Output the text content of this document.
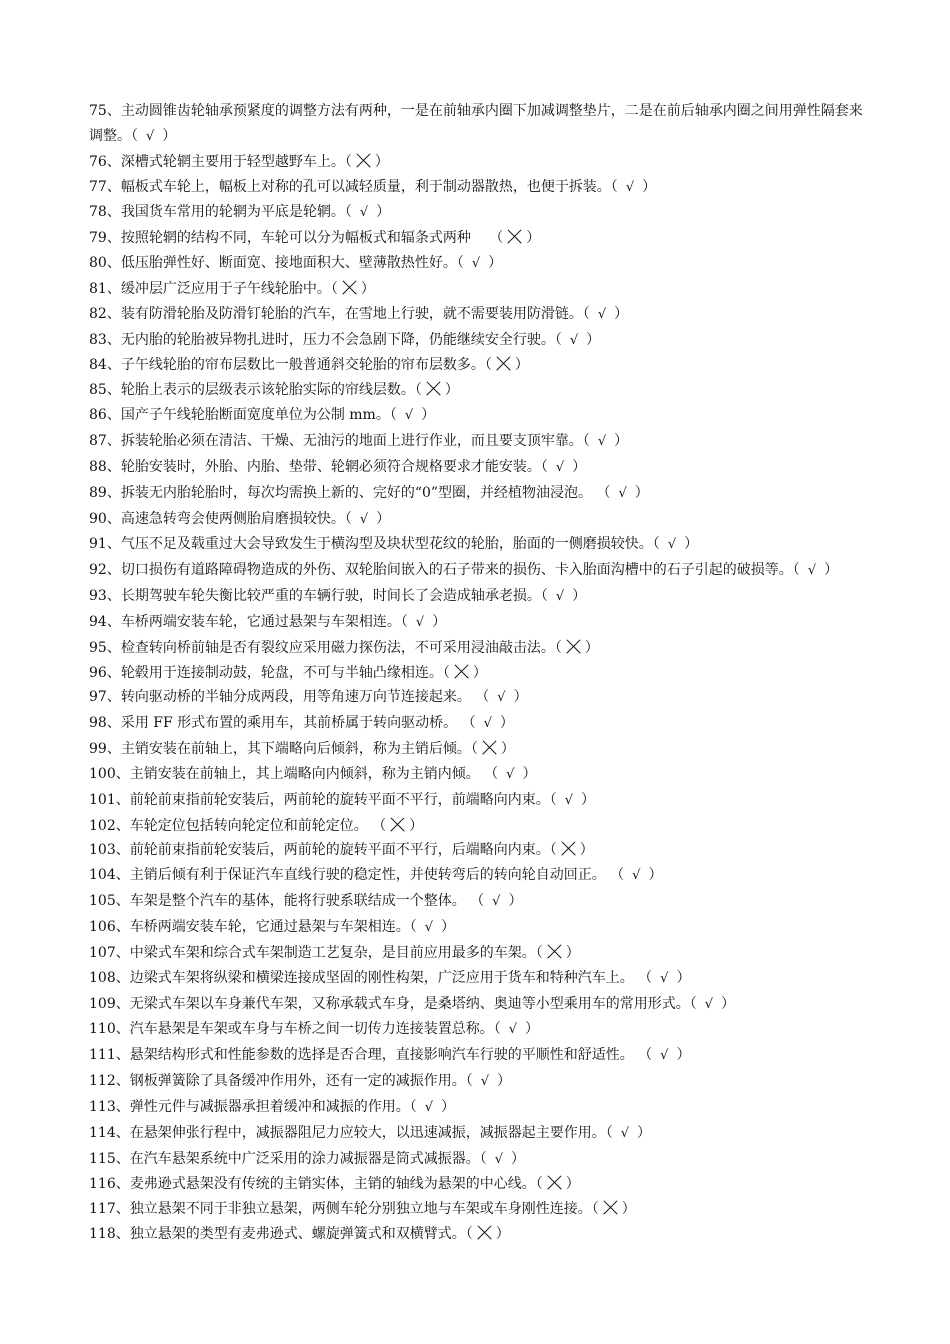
75、主动圆锥齿轮轴承预紧度的调整方法有两种，一是在前轴承内圈下加减调整垫片，二是在前后轴承内圈之间用弹性隔套来调整。（ √ ）
76、深槽式轮辋主要用于轻型越野车上。（ ）
77、幅板式车轮上，幅板上对称的孔可以减轻质量，利于制动器散热，也便于拆装。（ √ ）
78、我国货车常用的轮辋为平底是轮辋。（ √ ）
79、按照轮辋的结构不同，车轮可以分为幅板式和辐条式两种　 （ ）
80、低压胎弹性好、断面宽、接地面积大、壁薄散热性好。（ √ ）
81、缓冲层广泛应用于子午线轮胎中。（ ）
82、装有防滑轮胎及防滑钉轮胎的汽车，在雪地上行驶，就不需要装用防滑链。（ √ ）
83、无内胎的轮胎被异物扎进时，压力不会急剧下降，仍能继续安全行驶。（ √ ）
84、子午线轮胎的帘布层数比一般普通斜交轮胎的帘布层数多。（ ）
85、轮胎上表示的层级表示该轮胎实际的帘线层数。（ ）
86、国产子午线轮胎断面宽度单位为公制 mm。（ √ ）
87、拆装轮胎必须在清洁、干燥、无油污的地面上进行作业，而且要支顶牢靠。（ √ ）
88、轮胎安装时，外胎、内胎、垫带、轮辋必须符合规格要求才能安装。（ √ ）
89、拆装无内胎轮胎时，每次均需换上新的、完好的“0”型圈，并经植物油浸泡。 （ √ ）
90、高速急转弯会使两侧胎肩磨损较快。（ √ ）
91、气压不足及载重过大会导致发生于横沟型及块状型花纹的轮胎，胎面的一侧磨损较快。（ √ ）
92、切口损伤有道路障碍物造成的外伤、双轮胎间嵌入的石子带来的损伤、卡入胎面沟槽中的石子引起的破损等。（ √ ）
93、长期驾驶车轮失衡比较严重的车辆行驶，时间长了会造成轴承老损。（ √ ）
94、车桥两端安装车轮，它通过悬架与车架相连。（ √ ）
95、检查转向桥前轴是否有裂纹应采用磁力探伤法，不可采用浸油敲击法。（ ）
96、轮毂用于连接制动鼓，轮盘，不可与半轴凸缘相连。（ ）
97、转向驱动桥的半轴分成两段，用等角速万向节连接起来。 （ √ ）
98、采用 FF 形式布置的乘用车，其前桥属于转向驱动桥。 （ √ ）
99、主销安装在前轴上，其下端略向后倾斜，称为主销后倾。（ ）
100、主销安装在前轴上，其上端略向内倾斜，称为主销内倾。 （ √ ）
101、前轮前束指前轮安装后，两前轮的旋转平面不平行，前端略向内束。（ √ ）
102、车轮定位包括转向轮定位和前轮定位。 （ ）
103、前轮前束指前轮安装后，两前轮的旋转平面不平行，后端略向内束。（ ）
104、主销后倾有利于保证汽车直线行驶的稳定性，并使转弯后的转向轮自动回正。 （ √ ）
105、车架是整个汽车的基体，能将行驶系联结成一个整体。 （ √ ）
106、车桥两端安装车轮，它通过悬架与车架相连。（ √ ）
107、中梁式车架和综合式车架制造工艺复杂，是目前应用最多的车架。（ ）
108、边梁式车架将纵梁和横梁连接成坚固的刚性构架，广泛应用于货车和特种汽车上。 （ √ ）
109、无梁式车架以车身兼代车架，又称承载式车身，是桑塔纳、奥迪等小型乘用车的常用形式。（ √ ）
110、汽车悬架是车架或车身与车桥之间一切传力连接装置总称。（ √ ）
111、悬架结构形式和性能参数的选择是否合理，直接影响汽车行驶的平顺性和舒适性。 （ √ ）
112、钢板弹簧除了具备缓冲作用外，还有一定的减振作用。（ √ ）
113、弹性元件与减振器承担着缓冲和减振的作用。（ √ ）
114、在悬架伸张行程中，减振器阻尼力应较大，以迅速减振，减振器起主要作用。（ √ ）
115、在汽车悬架系统中广泛采用的涂力减振器是筒式减振器。（ √ ）
116、麦弗逊式悬架没有传统的主销实体，主销的轴线为悬架的中心线。（ ）
117、独立悬架不同于非独立悬架，两侧车轮分别独立地与车架或车身刚性连接。（ ）
118、独立悬架的类型有麦弗逊式、螺旋弹簧式和双横臂式。（ ）
